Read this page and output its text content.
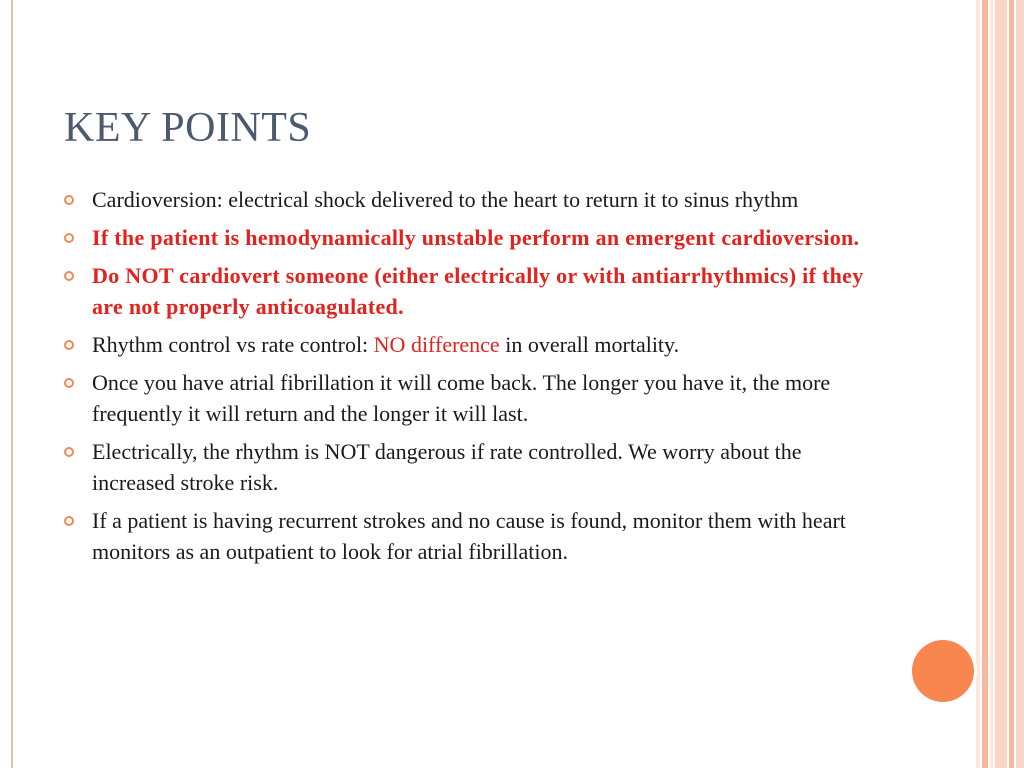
KEY POINTS
Cardioversion: electrical shock delivered to the heart to return it to sinus rhythm
If the patient is hemodynamically unstable perform an emergent cardioversion.
Do NOT cardiovert someone (either electrically or with antiarrhythmics) if they are not properly anticoagulated.
Rhythm control vs rate control: NO difference in overall mortality.
Once you have atrial fibrillation it will come back. The longer you have it, the more frequently it will return and the longer it will last.
Electrically, the rhythm is NOT dangerous if rate controlled. We worry about the increased stroke risk.
If a patient is having recurrent strokes and no cause is found, monitor them with heart monitors as an outpatient to look for atrial fibrillation.
